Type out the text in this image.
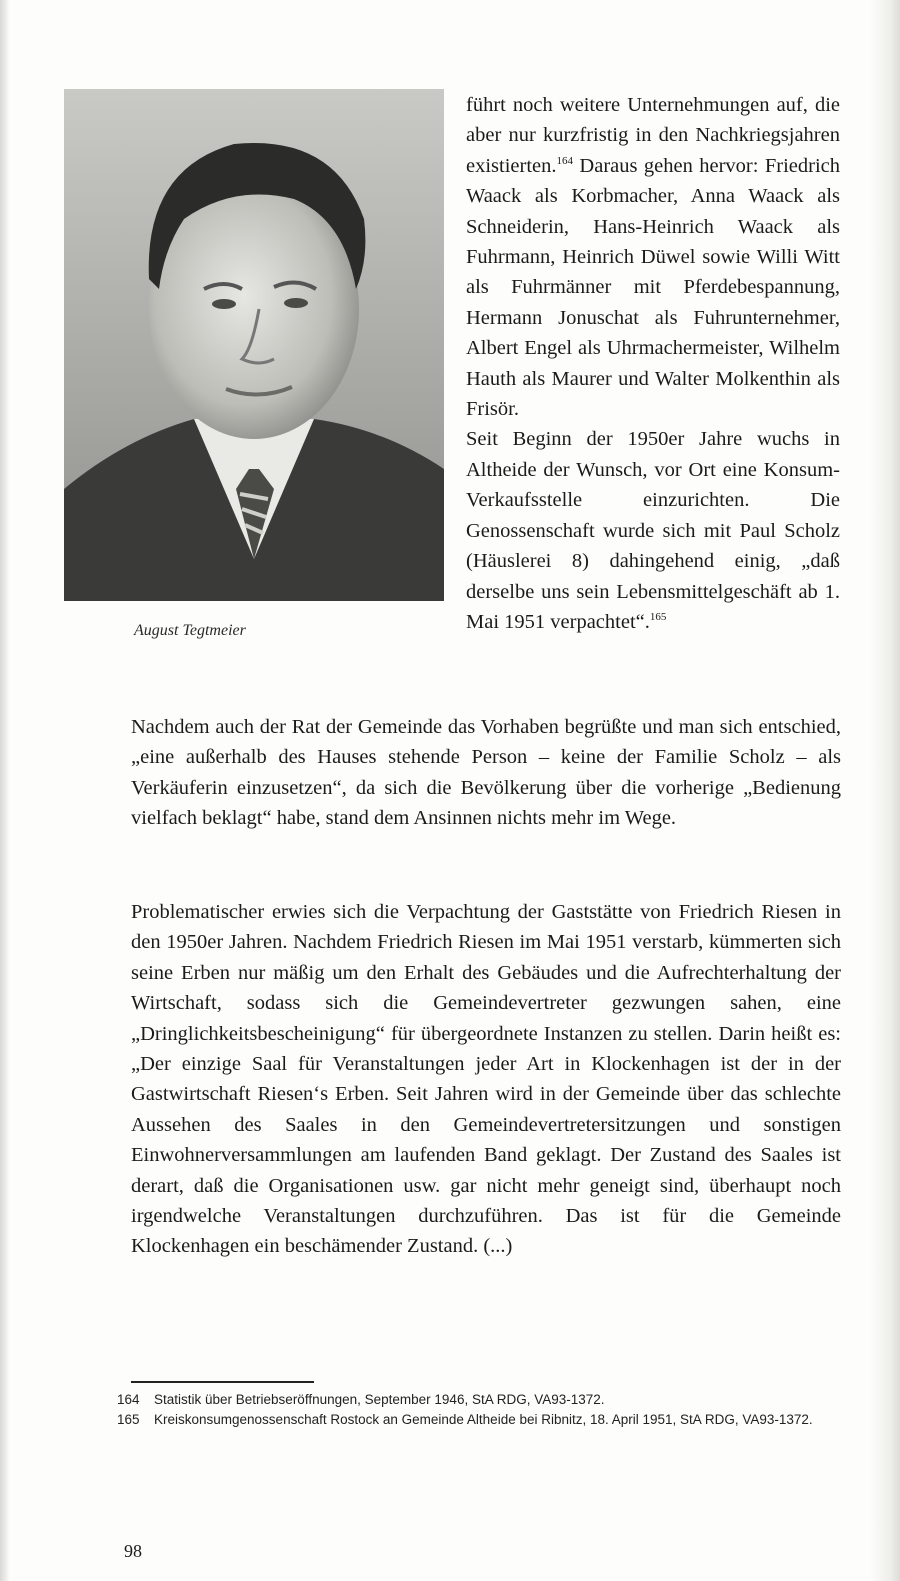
August Tegtmeier

führt noch weitere Unternehmungen auf, die aber nur kurzfristig in den Nachkriegsjahren existierten.$^{164}$ Daraus gehen hervor: Friedrich Waack als Korbmacher, Anna Waack als Schneiderin, Hans-Heinrich Waack als Fuhrmann, Heinrich Düwel sowie Willi Witt als Fuhrmänner mit Pferdebespannung, Hermann Jonuschat als Fuhrunternehmer, Albert Engel als Uhrmachermeister, Wilhelm Hauth als Maurer und Walter Molkenthin als Frisör.
Seit Beginn der 1950er Jahre wuchs in Altheide der Wunsch, vor Ort eine Konsum-Verkaufsstelle einzurichten. Die Genossenschaft wurde sich mit Paul Scholz (Häuslerei 8) dahingehend einig, „daß derselbe uns sein Lebensmittelgeschäft ab 1. Mai 1951 verpachtet“.$^{165}$

Nachdem auch der Rat der Gemeinde das Vorhaben begrüßte und man sich entschied, „eine außerhalb des Hauses stehende Person – keine der Familie Scholz – als Verkäuferin einzusetzen“, da sich die Bevölkerung über die vorherige „Bedienung vielfach beklagt“ habe, stand dem Ansinnen nichts mehr im Wege.

Problematischer erwies sich die Verpachtung der Gaststätte von Friedrich Riesen in den 1950er Jahren. Nachdem Friedrich Riesen im Mai 1951 verstarb, kümmerten sich seine Erben nur mäßig um den Erhalt des Gebäudes und die Aufrechterhaltung der Wirtschaft, sodass sich die Gemeindevertreter gezwungen sahen, eine „Dringlichkeitsbescheinigung“ für übergeordnete Instanzen zu stellen. Darin heißt es: „Der einzige Saal für Veranstaltungen jeder Art in Klockenhagen ist der in der Gastwirtschaft Riesen‘s Erben. Seit Jahren wird in der Gemeinde über das schlechte Aussehen des Saales in den Gemeindevertretersitzungen und sonstigen Einwohnerversammlungen am laufenden Band geklagt. Der Zustand des Saales ist derart, daß die Organisationen usw. gar nicht mehr geneigt sind, überhaupt noch irgendwelche Veranstaltungen durchzuführen. Das ist für die Gemeinde Klockenhagen ein beschämender Zustand. (...)

164 Statistik über Betriebseröffnungen, September 1946, StA RDG, VA93-1372.
165 Kreiskonsumgenossenschaft Rostock an Gemeinde Altheide bei Ribnitz, 18. April 1951, StA RDG, VA93-1372.

98
